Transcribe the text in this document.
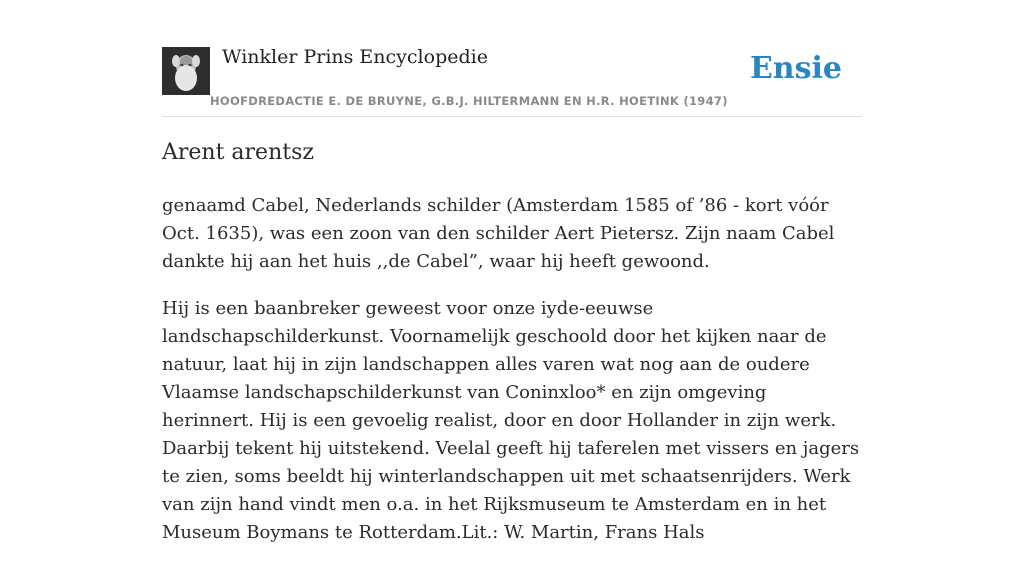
Winkler Prins Encyclopedie
HOOFDREDACTIE E. DE BRUYNE, G.B.J. HILTERMANN EN H.R. HOETINK (1947)
Ensie
Arent arentsz

genaamd Cabel, Nederlands schilder (Amsterdam 1585 of ’86 - kort vóór Oct. 1635), was een zoon van den schilder Aert Pietersz. Zijn naam Cabel dankte hij aan het huis ,,de Cabel”, waar hij heeft gewoond.

Hij is een baanbreker geweest voor onze iyde-eeuwse landschapschilderkunst. Voornamelijk geschoold door het kijken naar de natuur, laat hij in zijn landschappen alles varen wat nog aan de oudere Vlaamse landschapschilderkunst van Coninxloo* en zijn omgeving herinnert. Hij is een gevoelig realist, door en door Hollander in zijn werk. Daarbij tekent hij uitstekend. Veelal geeft hij taferelen met vissers en jagers te zien, soms beeldt hij winterlandschappen uit met schaatsenrijders. Werk van zijn hand vindt men o.a. in het Rijksmuseum te Amsterdam en in het Museum Boymans te Rotterdam.Lit.: W. Martin, Frans Hals
